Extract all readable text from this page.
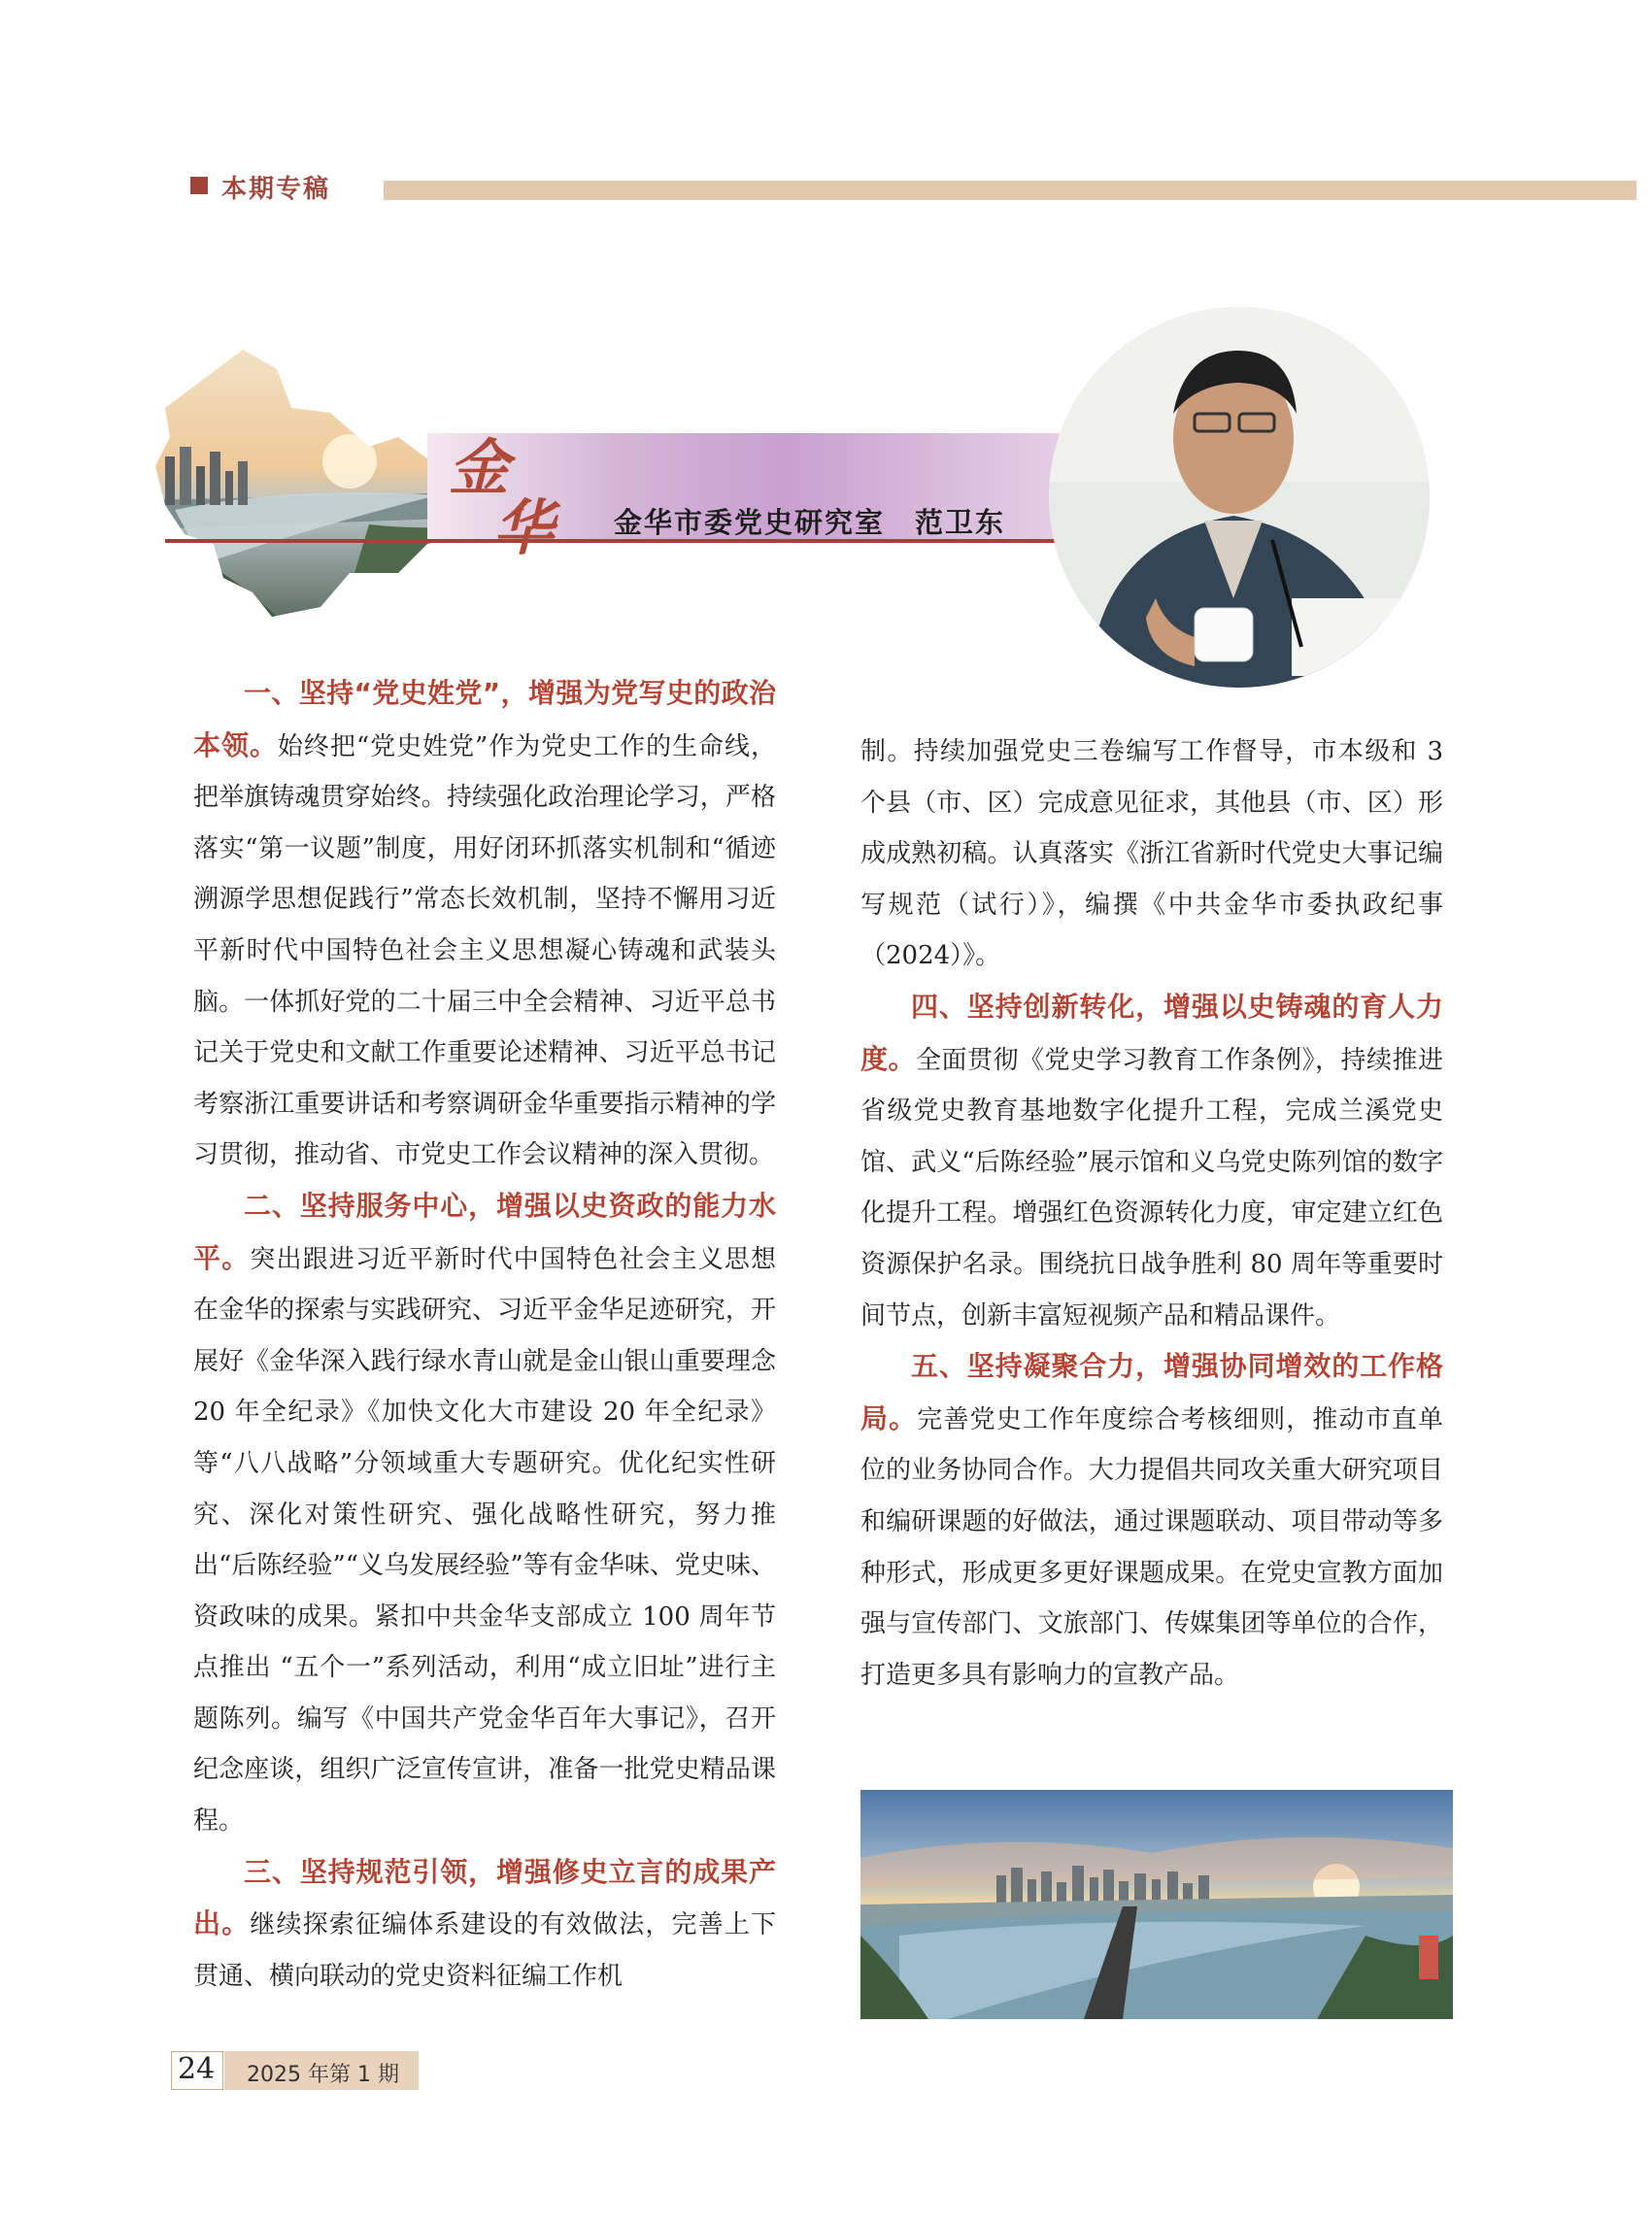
本期专稿
金
华 金华市委党史研究室　范卫东

一、坚持“党史姓党”，增强为党写史的政治本领。始终把“党史姓党”作为党史工作的生命线，把举旗铸魂贯穿始终。持续强化政治理论学习，严格落实“第一议题”制度，用好闭环抓落实机制和“循迹溯源学思想促践行”常态长效机制，坚持不懈用习近平新时代中国特色社会主义思想凝心铸魂和武装头脑。一体抓好党的二十届三中全会精神、习近平总书记关于党史和文献工作重要论述精神、习近平总书记考察浙江重要讲话和考察调研金华重要指示精神的学习贯彻，推动省、市党史工作会议精神的深入贯彻。

二、坚持服务中心，增强以史资政的能力水平。突出跟进习近平新时代中国特色社会主义思想在金华的探索与实践研究、习近平金华足迹研究，开展好《金华深入践行绿水青山就是金山银山重要理念 20 年全纪录》《加快文化大市建设 20 年全纪录》等“八八战略”分领域重大专题研究。优化纪实性研究、深化对策性研究、强化战略性研究，努力推出“后陈经验”“义乌发展经验”等有金华味、党史味、资政味的成果。紧扣中共金华支部成立 100 周年节点推出 “五个一”系列活动，利用“成立旧址”进行主题陈列。编写《中国共产党金华百年大事记》，召开纪念座谈，组织广泛宣传宣讲，准备一批党史精品课程。

三、坚持规范引领，增强修史立言的成果产出。继续探索征编体系建设的有效做法，完善上下贯通、横向联动的党史资料征编工作机

制。持续加强党史三卷编写工作督导，市本级和 3 个县（市、区）完成意见征求，其他县（市、区）形成成熟初稿。认真落实《浙江省新时代党史大事记编写规范（试行）》，编撰《中共金华市委执政纪事（2024）》。

四、坚持创新转化，增强以史铸魂的育人力度。全面贯彻《党史学习教育工作条例》，持续推进省级党史教育基地数字化提升工程，完成兰溪党史馆、武义“后陈经验”展示馆和义乌党史陈列馆的数字化提升工程。增强红色资源转化力度，审定建立红色资源保护名录。围绕抗日战争胜利 80 周年等重要时间节点，创新丰富短视频产品和精品课件。

五、坚持凝聚合力，增强协同增效的工作格局。完善党史工作年度综合考核细则，推动市直单位的业务协同合作。大力提倡共同攻关重大研究项目和编研课题的好做法，通过课题联动、项目带动等多种形式，形成更多更好课题成果。在党史宣教方面加强与宣传部门、文旅部门、传媒集团等单位的合作，打造更多具有影响力的宣教产品。

24 2025 年第 1 期
